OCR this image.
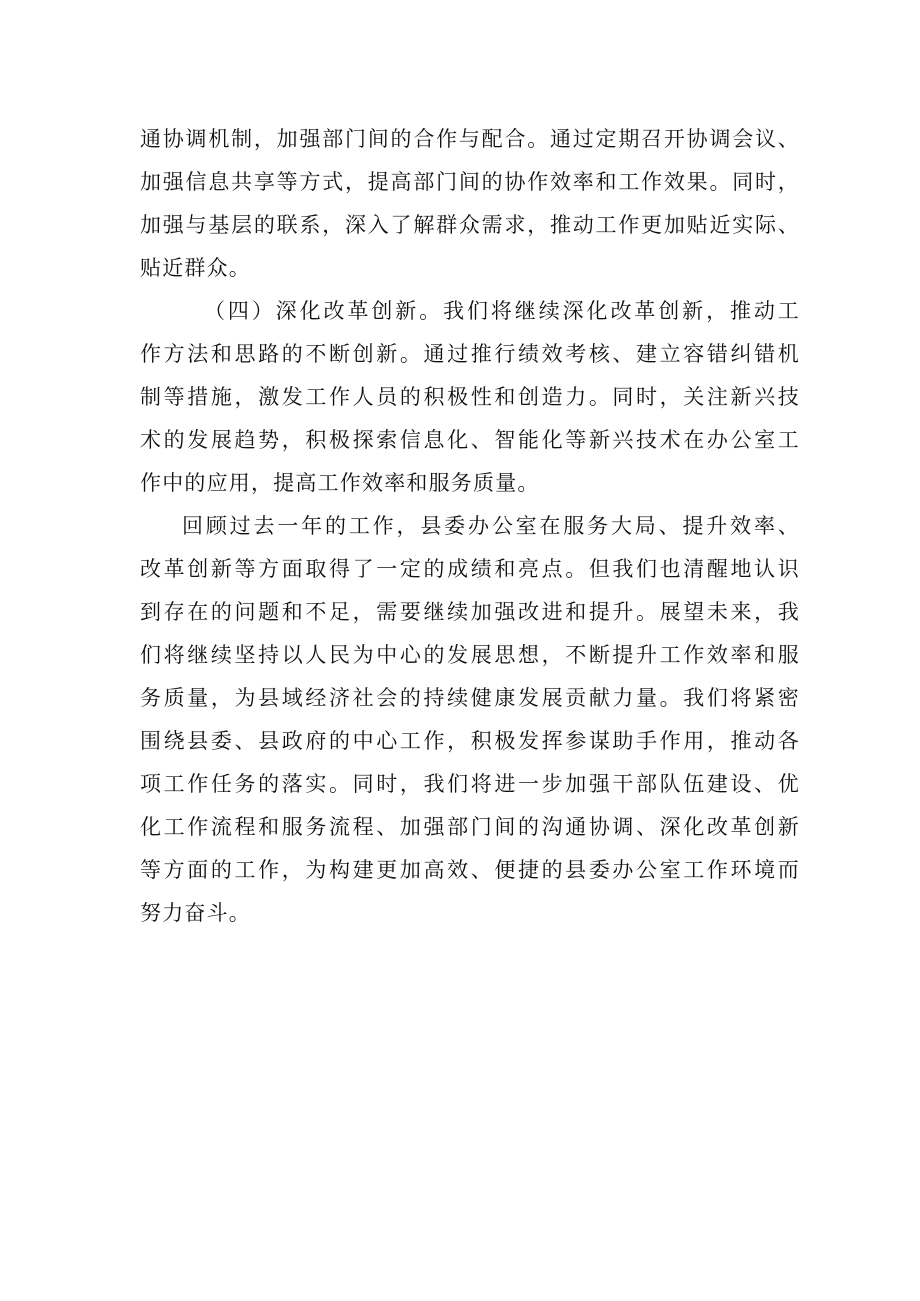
通协调机制，加强部门间的合作与配合。通过定期召开协调会议、
加强信息共享等方式，提高部门间的协作效率和工作效果。同时，
加强与基层的联系，深入了解群众需求，推动工作更加贴近实际、
贴近群众。
（四）深化改革创新。我们将继续深化改革创新，推动工
作方法和思路的不断创新。通过推行绩效考核、建立容错纠错机
制等措施，激发工作人员的积极性和创造力。同时，关注新兴技
术的发展趋势，积极探索信息化、智能化等新兴技术在办公室工
作中的应用，提高工作效率和服务质量。
回顾过去一年的工作，县委办公室在服务大局、提升效率、
改革创新等方面取得了一定的成绩和亮点。但我们也清醒地认识
到存在的问题和不足，需要继续加强改进和提升。展望未来，我
们将继续坚持以人民为中心的发展思想，不断提升工作效率和服
务质量，为县域经济社会的持续健康发展贡献力量。我们将紧密
围绕县委、县政府的中心工作，积极发挥参谋助手作用，推动各
项工作任务的落实。同时，我们将进一步加强干部队伍建设、优
化工作流程和服务流程、加强部门间的沟通协调、深化改革创新
等方面的工作，为构建更加高效、便捷的县委办公室工作环境而
努力奋斗。
